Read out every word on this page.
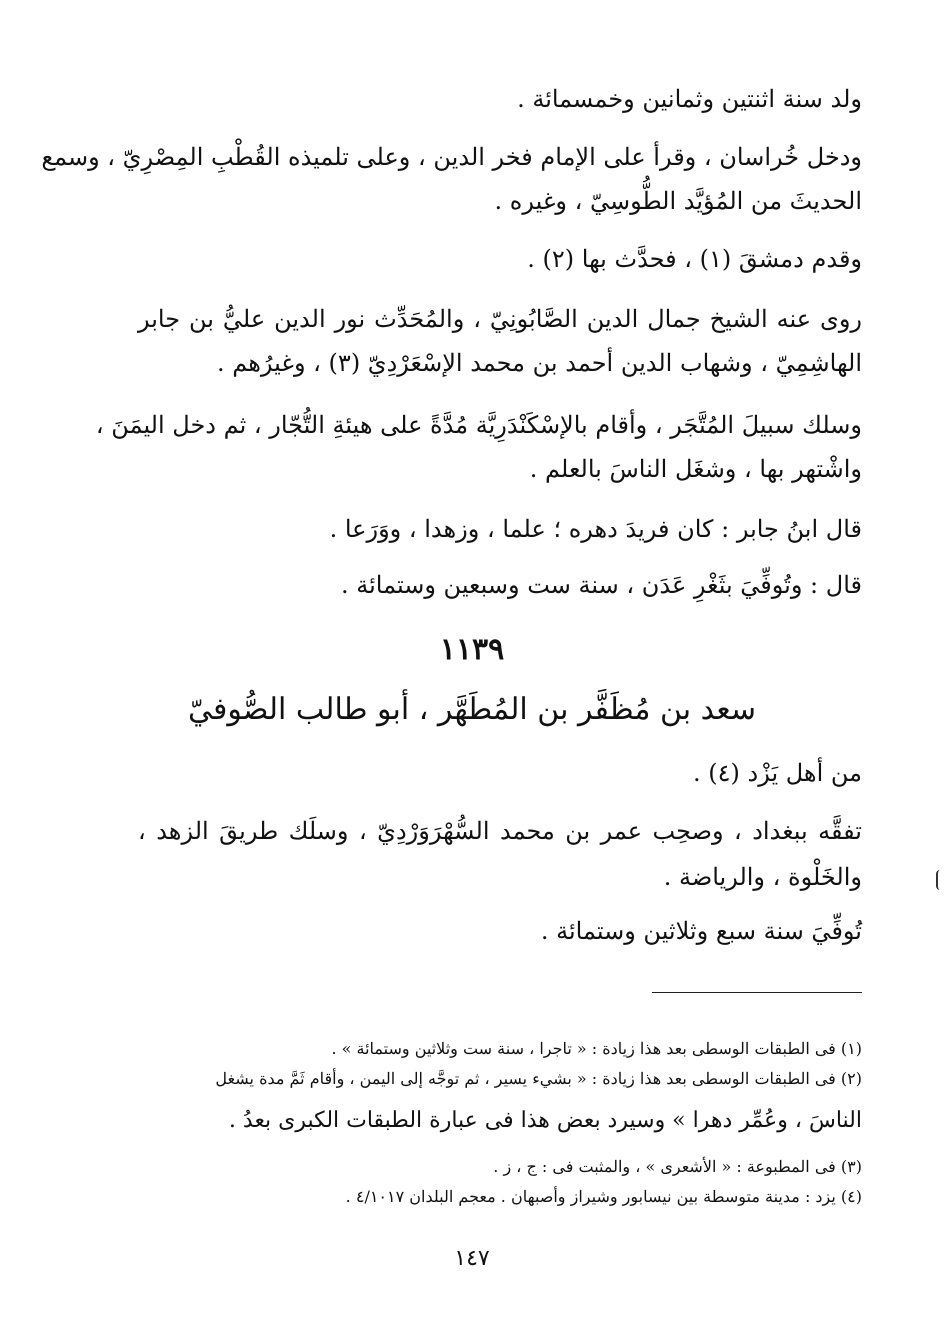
ولد سنة اثنتين وثمانين وخمسمائة .
ودخل خُراسان ، وقرأ على الإمام فخر الدين ، وعلى تلميذه القُطْبِ المِصْرِيّ ، وسمع
الحديثَ من المُؤيَّد الطُّوسِيّ ، وغيره .
وقدم دمشقَ (١) ، فحدَّث بها (٢) .
روى عنه الشيخ جمال الدين الصَّابُونِيّ ، والمُحَدِّث نور الدين عليُّ بن جابر
الهاشِمِيّ ، وشهاب الدين أحمد بن محمد الإسْعَرْدِيّ (٣) ، وغيرُهم .
وسلك سبيلَ المُتَّجَر ، وأقام بالإسْكَنْدَرِيَّة مُدَّةً على هيئةِ التُّجّار ، ثم دخل اليمَنَ ،
واشْتهر بها ، وشغَل الناسَ بالعلم .
قال ابنُ جابر : كان فريدَ دهره ؛ علما ، وزهدا ، ووَرَعا .
قال : وتُوفِّيَ بثَغْرِ عَدَن ، سنة ست وسبعين وستمائة .
١١٣٩
سعد بن مُظَفَّر بن المُطَهَّر ، أبو طالب الصُّوفيّ
من أهل يَزْد (٤) .
تفقَّه ببغداد ، وصحِب عمر بن محمد السُّهْرَوَرْدِيّ ، وسلَك طريقَ الزهد ،
والخَلْوة ، والرياضة .
تُوفِّيَ سنة سبع وثلاثين وستمائة .
(١) فى الطبقات الوسطى بعد هذا زيادة : « تاجرا ، سنة ست وثلاثين وستمائة » .
(٢) فى الطبقات الوسطى بعد هذا زيادة : « بشيء يسير ، ثم توجَّه إلى اليمن ، وأقام ثَمَّ مدة يشغل
الناسَ ، وعُمِّر دهرا » وسيرد بعض هذا فى عبارة الطبقات الكبرى بعدُ .
(٣) فى المطبوعة : « الأشعرى » ، والمثبت فى : ج ، ز .
(٤) يزد : مدينة متوسطة بين نيسابور وشيراز وأصبهان . معجم البلدان ٤/١٠١٧ .
١٤٧
